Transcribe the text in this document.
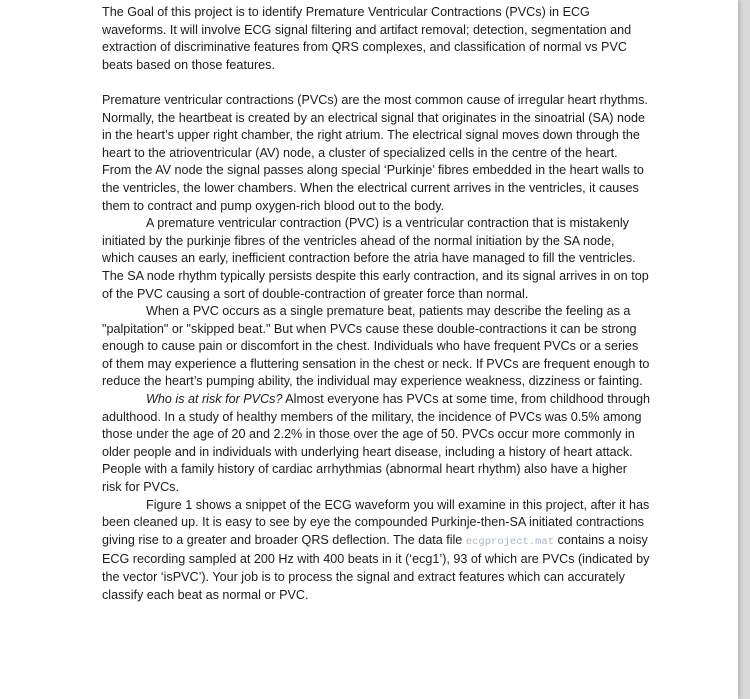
The Goal of this project is to identify Premature Ventricular Contractions (PVCs) in ECG waveforms. It will involve ECG signal filtering and artifact removal; detection, segmentation and extraction of discriminative features from QRS complexes, and classification of normal vs PVC beats based on those features.

Premature ventricular contractions (PVCs) are the most common cause of irregular heart rhythms. Normally, the heartbeat is created by an electrical signal that originates in the sinoatrial (SA) node in the heart’s upper right chamber, the right atrium. The electrical signal moves down through the heart to the atrioventricular (AV) node, a cluster of specialized cells in the centre of the heart. From the AV node the signal passes along special ‘Purkinje’ fibres embedded in the heart walls to the ventricles, the lower chambers. When the electrical current arrives in the ventricles, it causes them to contract and pump oxygen-rich blood out to the body.

A premature ventricular contraction (PVC) is a ventricular contraction that is mistakenly initiated by the purkinje fibres of the ventricles ahead of the normal initiation by the SA node, which causes an early, inefficient contraction before the atria have managed to fill the ventricles. The SA node rhythm typically persists despite this early contraction, and its signal arrives in on top of the PVC causing a sort of double-contraction of greater force than normal.

When a PVC occurs as a single premature beat, patients may describe the feeling as a "palpitation" or "skipped beat." But when PVCs cause these double-contractions it can be strong enough to cause pain or discomfort in the chest. Individuals who have frequent PVCs or a series of them may experience a fluttering sensation in the chest or neck. If PVCs are frequent enough to reduce the heart’s pumping ability, the individual may experience weakness, dizziness or fainting.

Who is at risk for PVCs? Almost everyone has PVCs at some time, from childhood through adulthood. In a study of healthy members of the military, the incidence of PVCs was 0.5% among those under the age of 20 and 2.2% in those over the age of 50. PVCs occur more commonly in older people and in individuals with underlying heart disease, including a history of heart attack. People with a family history of cardiac arrhythmias (abnormal heart rhythm) also have a higher risk for PVCs.

Figure 1 shows a snippet of the ECG waveform you will examine in this project, after it has been cleaned up. It is easy to see by eye the compounded Purkinje-then-SA initiated contractions giving rise to a greater and broader QRS deflection. The data file ecgproject.mat contains a noisy ECG recording sampled at 200 Hz with 400 beats in it (‘ecg1’), 93 of which are PVCs (indicated by the vector ‘isPVC’). Your job is to process the signal and extract features which can accurately classify each beat as normal or PVC.
